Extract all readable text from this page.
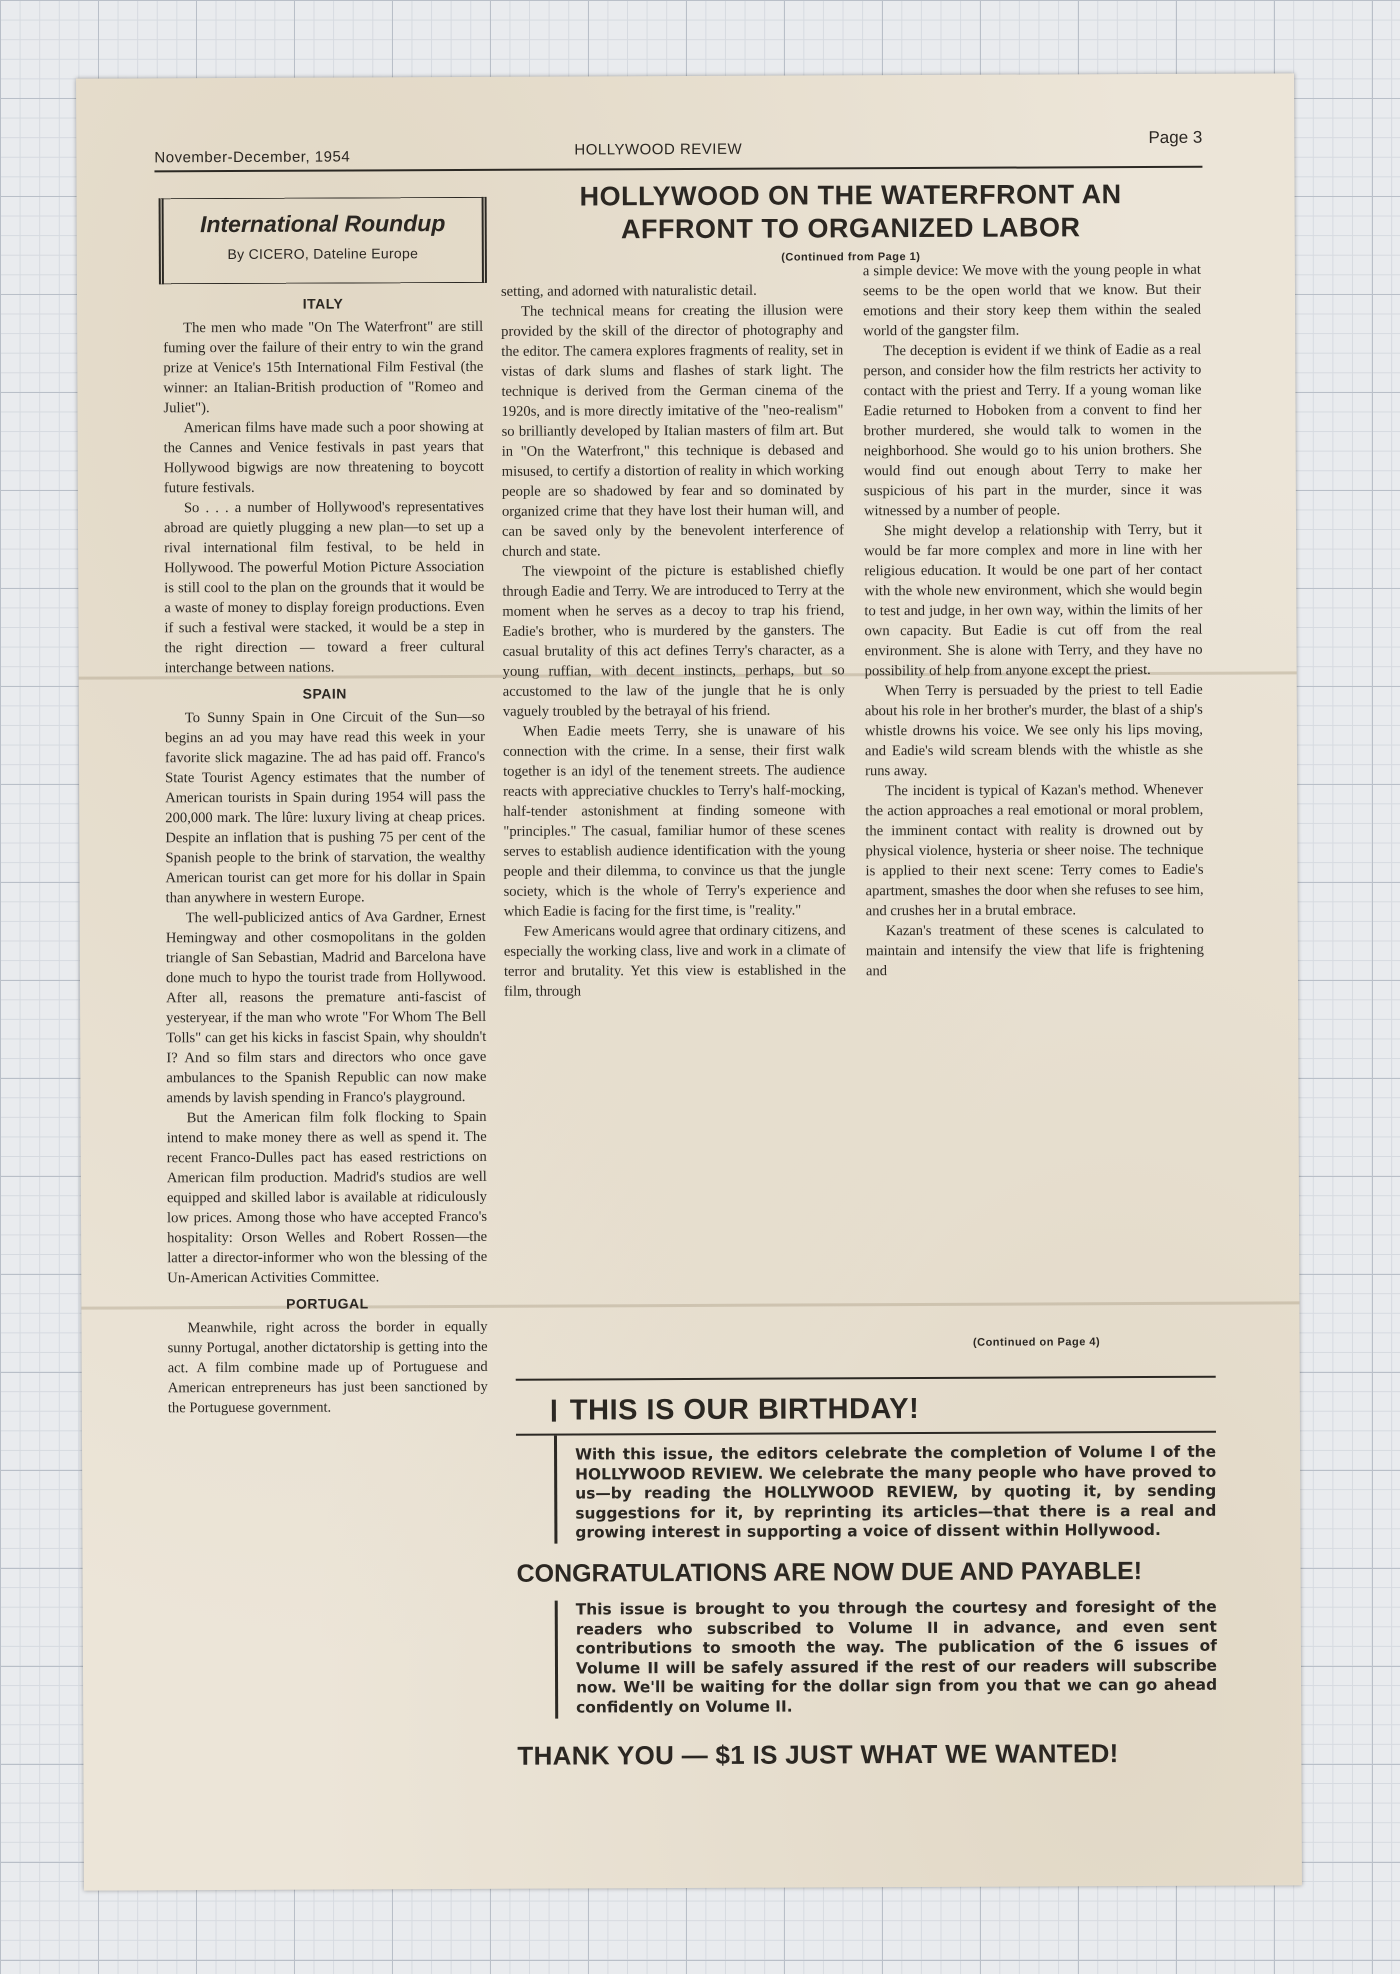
November-December, 1954	HOLLYWOOD REVIEW
Page 3
International Roundup
By CICERO, Dateline Europe
ITALY

The men who made "On The Waterfront" are still fuming over the failure of their entry to win the grand prize at Venice's 15th International Film Festival (the winner: an Italian-British production of "Romeo and Juliet").

American films have made such a poor showing at the Cannes and Venice festivals in past years that Hollywood bigwigs are now threatening to boycott future festivals.

So . . . a number of Hollywood's representatives abroad are quietly plugging a new plan—to set up a rival international film festival, to be held in Hollywood. The powerful Motion Picture Association is still cool to the plan on the grounds that it would be a waste of money to display foreign productions. Even if such a festival were stacked, it would be a step in the right direction — toward a freer cultural interchange between nations.

SPAIN

To Sunny Spain in One Circuit of the Sun—so begins an ad you may have read this week in your favorite slick magazine. The ad has paid off. Franco's State Tourist Agency estimates that the number of American tourists in Spain during 1954 will pass the 200,000 mark. The lûre: luxury living at cheap prices. Despite an inflation that is pushing 75 per cent of the Spanish people to the brink of starvation, the wealthy American tourist can get more for his dollar in Spain than anywhere in western Europe.

The well-publicized antics of Ava Gardner, Ernest Hemingway and other cosmopolitans in the golden triangle of San Sebastian, Madrid and Barcelona have done much to hypo the tourist trade from Hollywood. After all, reasons the premature anti-fascist of yesteryear, if the man who wrote "For Whom The Bell Tolls" can get his kicks in fascist Spain, why shouldn't I? And so film stars and directors who once gave ambulances to the Spanish Republic can now make amends by lavish spending in Franco's playground.

But the American film folk flocking to Spain intend to make money there as well as spend it. The recent Franco-Dulles pact has eased restrictions on American film production. Madrid's studios are well equipped and skilled labor is available at ridiculously low prices. Among those who have accepted Franco's hospitality: Orson Welles and Robert Rossen—the latter a director-informer who won the blessing of the Un-American Activities Committee.

PORTUGAL

Meanwhile, right across the border in equally sunny Portugal, another dictatorship is getting into the act. A film combine made up of Portuguese and American entrepreneurs has just been sanctioned by the Portuguese government.

HOLLYWOOD ON THE WATERFRONT AN
AFFRONT TO ORGANIZED LABOR
(Continued from Page 1)

setting, and adorned with naturalistic detail.

The technical means for creating the illusion were provided by the skill of the director of photography and the editor. The camera explores fragments of reality, set in vistas of dark slums and flashes of stark light. The technique is derived from the German cinema of the 1920s, and is more directly imitative of the "neo-realism" so brilliantly developed by Italian masters of film art. But in "On the Waterfront," this technique is debased and misused, to certify a distortion of reality in which working people are so shadowed by fear and so dominated by organized crime that they have lost their human will, and can be saved only by the benevolent interference of church and state.

The viewpoint of the picture is established chiefly through Eadie and Terry. We are introduced to Terry at the moment when he serves as a decoy to trap his friend, Eadie's brother, who is murdered by the gansters. The casual brutality of this act defines Terry's character, as a young ruffian, with decent instincts, perhaps, but so accustomed to the law of the jungle that he is only vaguely troubled by the betrayal of his friend.

When Eadie meets Terry, she is unaware of his connection with the crime. In a sense, their first walk together is an idyl of the tenement streets. The audience reacts with appreciative chuckles to Terry's half-mocking, half-tender astonishment at finding someone with "principles." The casual, familiar humor of these scenes serves to establish audience identification with the young people and their dilemma, to convince us that the jungle society, which is the whole of Terry's experience and which Eadie is facing for the first time, is "reality."

Few Americans would agree that ordinary citizens, and especially the working class, live and work in a climate of terror and brutality. Yet this view is established in the film, through

a simple device: We move with the young people in what seems to be the open world that we know. But their emotions and their story keep them within the sealed world of the gangster film.

The deception is evident if we think of Eadie as a real person, and consider how the film restricts her activity to contact with the priest and Terry. If a young woman like Eadie returned to Hoboken from a convent to find her brother murdered, she would talk to women in the neighborhood. She would go to his union brothers. She would find out enough about Terry to make her suspicious of his part in the murder, since it was witnessed by a number of people.

She might develop a relationship with Terry, but it would be far more complex and more in line with her religious education. It would be one part of her contact with the whole new environment, which she would begin to test and judge, in her own way, within the limits of her own capacity. But Eadie is cut off from the real environment. She is alone with Terry, and they have no possibility of help from anyone except the priest.

When Terry is persuaded by the priest to tell Eadie about his role in her brother's murder, the blast of a ship's whistle drowns his voice. We see only his lips moving, and Eadie's wild scream blends with the whistle as she runs away.

The incident is typical of Kazan's method. Whenever the action approaches a real emotional or moral problem, the imminent contact with reality is drowned out by physical violence, hysteria or sheer noise. The technique is applied to their next scene: Terry comes to Eadie's apartment, smashes the door when she refuses to see him, and crushes her in a brutal embrace.

Kazan's treatment of these scenes is calculated to maintain and intensify the view that life is frightening and

(Continued on Page 4)
THIS IS OUR BIRTHDAY!
With this issue, the editors celebrate the completion of Volume I of the HOLLYWOOD REVIEW. We celebrate the many people who have proved to us—by reading the HOLLYWOOD REVIEW, by quoting it, by sending suggestions for it, by reprinting its articles—that there is a real and growing interest in supporting a voice of dissent within Hollywood.
CONGRATULATIONS ARE NOW DUE AND PAYABLE!
This issue is brought to you through the courtesy and foresight of the readers who subscribed to Volume II in advance, and even sent contributions to smooth the way. The publication of the 6 issues of Volume II will be safely assured if the rest of our readers will subscribe now. We'll be waiting for the dollar sign from you that we can go ahead confidently on Volume II.
THANK YOU — $1 IS JUST WHAT WE WANTED!
